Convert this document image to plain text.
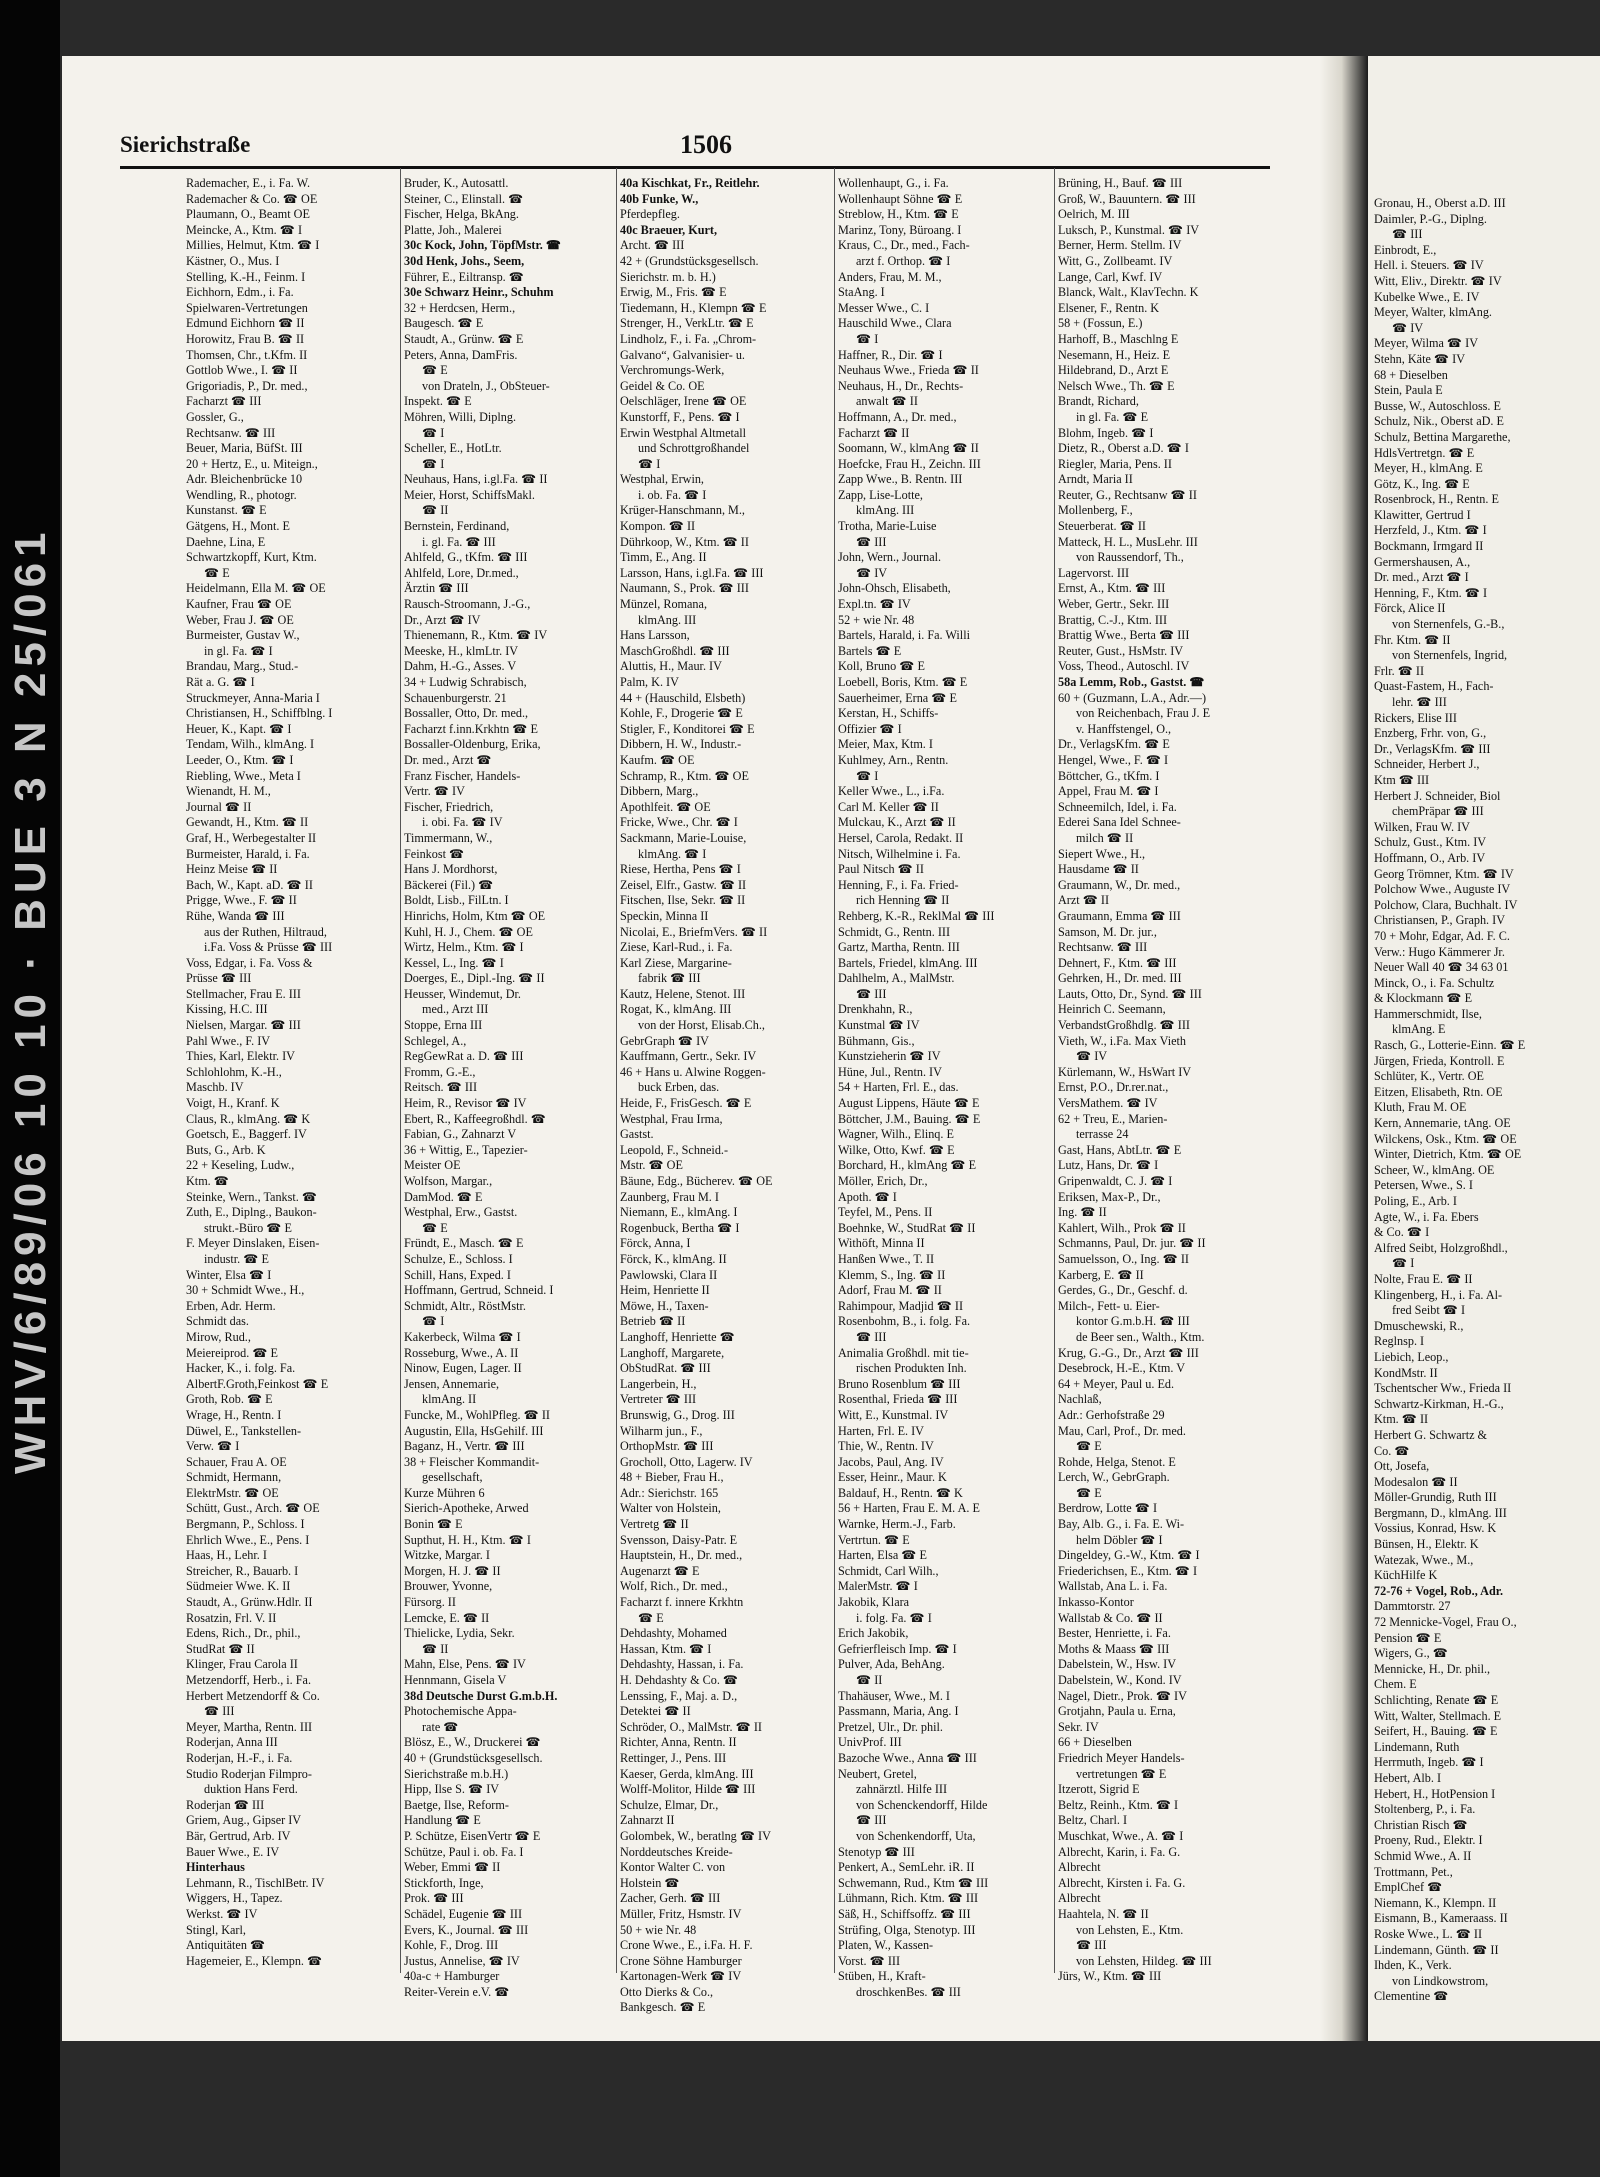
WHV/6/89/06 10 10 · BUE 3 N 25/061
Sierichstraße	1506
Rademacher, E., i. Fa. W.
Rademacher & Co. ☎ OE
Plaumann, O., Beamt OE
Meincke, A., Ktm. ☎ I
Millies, Helmut, Ktm. ☎ I
Kästner, O., Mus. I
Stelling, K.-H., Feinm. I
Eichhorn, Edm., i. Fa.
Spielwaren-Vertretungen
Edmund Eichhorn ☎ II
Horowitz, Frau B. ☎ II
Thomsen, Chr., t.Kfm. II
Gottlob Wwe., I. ☎ II
Grigoriadis, P., Dr. med.,
Facharzt ☎ III
Gossler, G.,
Rechtsanw. ☎ III
Beuer, Maria, BüfSt. III
20 + Hertz, E., u. Miteign.,
Adr. Bleichenbrücke 10
Wendling, R., photogr.
Kunstanst. ☎ E
Gätgens, H., Mont. E
Daehne, Lina, E
Schwartzkopff, Kurt, Ktm.
☎ E
Heidelmann, Ella M. ☎ OE
Kaufner, Frau ☎ OE
Weber, Frau J. ☎ OE
Burmeister, Gustav W.,
in gl. Fa. ☎ I
Brandau, Marg., Stud.-
Rät a. G. ☎ I
Struckmeyer, Anna-Maria I
Christiansen, H., Schiffblng. I
Heuer, K., Kapt. ☎ I
Tendam, Wilh., klmAng. I
Leeder, O., Ktm. ☎ I
Riebling, Wwe., Meta I
Wienandt, H. M.,
Journal ☎ II
Gewandt, H., Ktm. ☎ II
Graf, H., Werbegestalter II
Burmeister, Harald, i. Fa.
Heinz Meise ☎ II
Bach, W., Kapt. aD. ☎ II
Prigge, Wwe., F. ☎ II
Rühe, Wanda ☎ III
aus der Ruthen, Hiltraud,
i.Fa. Voss & Prüsse ☎ III
Voss, Edgar, i. Fa. Voss &
Prüsse ☎ III
Stellmacher, Frau E. III
Kissing, H.C. III
Nielsen, Margar. ☎ III
Pahl Wwe., F. IV
Thies, Karl, Elektr. IV
Schlohlohm, K.-H.,
Maschb. IV
Voigt, H., Kranf. K
Claus, R., klmAng. ☎ K
Goetsch, E., Baggerf. IV
Buts, G., Arb. K
22 + Keseling, Ludw.,
Ktm. ☎
Steinke, Wern., Tankst. ☎
Zuth, E., Diplng., Baukon-
strukt.-Büro ☎ E
F. Meyer Dinslaken, Eisen-
industr. ☎ E
Winter, Elsa ☎ I
30 + Schmidt Wwe., H.,
Erben, Adr. Herm.
Schmidt das.
Mirow, Rud.,
Meiereiprod. ☎ E
Hacker, K., i. folg. Fa.
AlbertF.Groth,Feinkost ☎ E
Groth, Rob. ☎ E
Wrage, H., Rentn. I
Düwel, E., Tankstellen-
Verw. ☎ I
Schauer, Frau A. OE
Schmidt, Hermann,
ElektrMstr. ☎ OE
Schütt, Gust., Arch. ☎ OE
Bergmann, P., Schloss. I
Ehrlich Wwe., E., Pens. I
Haas, H., Lehr. I
Streicher, R., Bauarb. I
Südmeier Wwe. K. II
Staudt, A., Grünw.Hdlr. II
Rosatzin, Frl. V. II
Edens, Rich., Dr., phil.,
StudRat ☎ II
Klinger, Frau Carola II
Metzendorff, Herb., i. Fa.
Herbert Metzendorff & Co.
☎ III
Meyer, Martha, Rentn. III
Roderjan, Anna III
Roderjan, H.-F., i. Fa.
Studio Roderjan Filmpro-
duktion Hans Ferd.
Roderjan ☎ III
Griem, Aug., Gipser IV
Bär, Gertrud, Arb. IV
Bauer Wwe., E. IV
Hinterhaus
Lehmann, R., TischlBetr. IV
Wiggers, H., Tapez.
Werkst. ☎ IV
Stingl, Karl,
Antiquitäten ☎
Hagemeier, E., Klempn. ☎
Bruder, K., Autosattl.
Steiner, C., Elinstall. ☎
Fischer, Helga, BkAng.
Platte, Joh., Malerei
30c Kock, John, TöpfMstr. ☎
30d Henk, Johs., Seem,
Führer, E., Eiltransp. ☎
30e Schwarz Heinr., Schuhm
32 + Herdcsen, Herm.,
Baugesch. ☎ E
Staudt, A., Grünw. ☎ E
Peters, Anna, DamFris.
☎ E
von Drateln, J., ObSteuer-
Inspekt. ☎ E
Möhren, Willi, Diplng.
☎ I
Scheller, E., HotLtr.
☎ I
Neuhaus, Hans, i.gl.Fa. ☎ II
Meier, Horst, SchiffsMakl.
☎ II
Bernstein, Ferdinand,
i. gl. Fa. ☎ III
Ahlfeld, G., tKfm. ☎ III
Ahlfeld, Lore, Dr.med.,
Ärztin ☎ III
Rausch-Stroomann, J.-G.,
Dr., Arzt ☎ IV
Thienemann, R., Ktm. ☎ IV
Meeske, H., klmLtr. IV
Dahm, H.-G., Asses. V
34 + Ludwig Schrabisch,
Schauenburgerstr. 21
Bossaller, Otto, Dr. med.,
Facharzt f.inn.Krkhtn ☎ E
Bossaller-Oldenburg, Erika,
Dr. med., Arzt ☎
Franz Fischer, Handels-
Vertr. ☎ IV
Fischer, Friedrich,
i. obi. Fa. ☎ IV
Timmermann, W.,
Feinkost ☎
Hans J. Mordhorst,
Bäckerei (Fil.) ☎
Boldt, Lisb., FilLtn. I
Hinrichs, Holm, Ktm ☎ OE
Kuhl, H. J., Chem. ☎ OE
Wirtz, Helm., Ktm. ☎ I
Kessel, L., Ing. ☎ I
Doerges, E., Dipl.-Ing. ☎ II
Heusser, Windemut, Dr.
med., Arzt III
Stoppe, Erna III
Schlegel, A.,
RegGewRat a. D. ☎ III
Fromm, G.-E.,
Reitsch. ☎ III
Heim, R., Revisor ☎ IV
Ebert, R., Kaffeegroßhdl. ☎
Fabian, G., Zahnarzt V
36 + Wittig, E., Tapezier-
Meister OE
Wolfson, Margar.,
DamMod. ☎ E
Westphal, Erw., Gastst.
☎ E
Fründt, E., Masch. ☎ E
Schulze, E., Schloss. I
Schill, Hans, Exped. I
Hoffmann, Gertrud, Schneid. I
Schmidt, Altr., RöstMstr.
☎ I
Kakerbeck, Wilma ☎ I
Rosseburg, Wwe., A. II
Ninow, Eugen, Lager. II
Jensen, Annemarie,
klmAng. II
Funcke, M., WohlPfleg. ☎ II
Augustin, Ella, HsGehilf. III
Baganz, H., Vertr. ☎ III
38 + Fleischer Kommandit-
gesellschaft,
Kurze Mühren 6
Sierich-Apotheke, Arwed
Bonin ☎ E
Supthut, H. H., Ktm. ☎ I
Witzke, Margar. I
Morgen, H. J. ☎ II
Brouwer, Yvonne,
Fürsorg. II
Lemcke, E. ☎ II
Thielicke, Lydia, Sekr.
☎ II
Mahn, Else, Pens. ☎ IV
Hennmann, Gisela V
38d Deutsche Durst G.m.b.H.
Photochemische Appa-
rate ☎
Blösz, E., W., Druckerei ☎
40 + (Grundstücksgesellsch.
Sierichstraße m.b.H.)
Hipp, Ilse S. ☎ IV
Baetge, Ilse, Reform-
Handlung ☎ E
P. Schütze, EisenVertr ☎ E
Schütze, Paul i. ob. Fa. I
Weber, Emmi ☎ II
Stickforth, Inge,
Prok. ☎ III
Schädel, Eugenie ☎ III
Evers, K., Journal. ☎ III
Kohle, F., Drog. III
Justus, Annelise, ☎ IV
40a-c + Hamburger
Reiter-Verein e.V. ☎
40a Kischkat, Fr., Reitlehr.
40b Funke, W.,
Pferdepfleg.
40c Braeuer, Kurt,
Archt. ☎ III
42 + (Grundstücksgesellsch.
Sierichstr. m. b. H.)
Erwig, M., Fris. ☎ E
Tiedemann, H., Klempn ☎ E
Strenger, H., VerkLtr. ☎ E
Lindholz, F., i. Fa. „Chrom-
Galvano“, Galvanisier- u.
Verchromungs-Werk,
Geidel & Co. OE
Oelschläger, Irene ☎ OE
Kunstorff, F., Pens. ☎ I
Erwin Westphal Altmetall
und Schrottgroßhandel
☎ I
Westphal, Erwin,
i. ob. Fa. ☎ I
Krüger-Hanschmann, M.,
Kompon. ☎ II
Dührkoop, W., Ktm. ☎ II
Timm, E., Ang. II
Larsson, Hans, i.gl.Fa. ☎ III
Naumann, S., Prok. ☎ III
Münzel, Romana,
klmAng. III
Hans Larsson,
MaschGroßhdl. ☎ III
Aluttis, H., Maur. IV
Palm, K. IV
44 + (Hauschild, Elsbeth)
Kohle, F., Drogerie ☎ E
Stigler, F., Konditorei ☎ E
Dibbern, H. W., Industr.-
Kaufm. ☎ OE
Schramp, R., Ktm. ☎ OE
Dibbern, Marg.,
Apothlfeit. ☎ OE
Fricke, Wwe., Chr. ☎ I
Sackmann, Marie-Louise,
klmAng. ☎ I
Riese, Hertha, Pens ☎ I
Zeisel, Elfr., Gastw. ☎ II
Fitschen, Ilse, Sekr. ☎ II
Speckin, Minna II
Nicolai, E., BriefmVers. ☎ II
Ziese, Karl-Rud., i. Fa.
Karl Ziese, Margarine-
fabrik ☎ III
Kautz, Helene, Stenot. III
Rogat, K., klmAng. III
von der Horst, Elisab.Ch.,
GebrGraph ☎ IV
Kauffmann, Gertr., Sekr. IV
46 + Hans u. Alwine Roggen-
buck Erben, das.
Heide, F., FrisGesch. ☎ E
Westphal, Frau Irma,
Gastst.
Leopold, F., Schneid.-
Mstr. ☎ OE
Bäune, Edg., Bücherev. ☎ OE
Zaunberg, Frau M. I
Niemann, E., klmAng. I
Rogenbuck, Bertha ☎ I
Förck, Anna, I
Förck, K., klmAng. II
Pawlowski, Clara II
Heim, Henriette II
Möwe, H., Taxen-
Betrieb ☎ II
Langhoff, Henriette ☎
Langhoff, Margarete,
ObStudRat. ☎ III
Langerbein, H.,
Vertreter ☎ III
Brunswig, G., Drog. III
Wilharm jun., F.,
OrthopMstr. ☎ III
Grocholl, Otto, Lagerw. IV
48 + Bieber, Frau H.,
Adr.: Sierichstr. 165
Walter von Holstein,
Vertretg ☎ II
Svensson, Daisy-Patr. E
Hauptstein, H., Dr. med.,
Augenarzt ☎ E
Wolf, Rich., Dr. med.,
Facharzt f. innere Krkhtn
☎ E
Dehdashty, Mohamed
Hassan, Ktm. ☎ I
Dehdashty, Hassan, i. Fa.
H. Dehdashty & Co. ☎
Lenssing, F., Maj. a. D.,
Detektei ☎ II
Schröder, O., MalMstr. ☎ II
Richter, Anna, Rentn. II
Rettinger, J., Pens. III
Kaeser, Gerda, klmAng. III
Wolff-Molitor, Hilde ☎ III
Schulze, Elmar, Dr.,
Zahnarzt II
Golombek, W., beratlng ☎ IV
Norddeutsches Kreide-
Kontor Walter C. von
Holstein ☎
Zacher, Gerh. ☎ III
Müller, Fritz, Hsmstr. IV
50 + wie Nr. 48
Crone Wwe., E., i.Fa. H. F.
Crone Söhne Hamburger
Kartonagen-Werk ☎ IV
Otto Dierks & Co.,
Bankgesch. ☎ E
Wollenhaupt, G., i. Fa.
Wollenhaupt Söhne ☎ E
Streblow, H., Ktm. ☎ E
Marinz, Tony, Büroang. I
Kraus, C., Dr., med., Fach-
arzt f. Orthop. ☎ I
Anders, Frau, M. M.,
StaAng. I
Messer Wwe., C. I
Hauschild Wwe., Clara
☎ I
Haffner, R., Dir. ☎ I
Neuhaus Wwe., Frieda ☎ II
Neuhaus, H., Dr., Rechts-
anwalt ☎ II
Hoffmann, A., Dr. med.,
Facharzt ☎ II
Soomann, W., klmAng ☎ II
Hoefcke, Frau H., Zeichn. III
Zapp Wwe., B. Rentn. III
Zapp, Lise-Lotte,
klmAng. III
Trotha, Marie-Luise
☎ III
John, Wern., Journal.
☎ IV
John-Ohsch, Elisabeth,
Expl.tn. ☎ IV
52 + wie Nr. 48
Bartels, Harald, i. Fa. Willi
Bartels ☎ E
Koll, Bruno ☎ E
Loebell, Boris, Ktm. ☎ E
Sauerheimer, Erna ☎ E
Kerstan, H., Schiffs-
Offizier ☎ I
Meier, Max, Ktm. I
Kuhlmey, Arn., Rentn.
☎ I
Keller Wwe., L., i.Fa.
Carl M. Keller ☎ II
Mulckau, K., Arzt ☎ II
Hersel, Carola, Redakt. II
Nitsch, Wilhelmine i. Fa.
Paul Nitsch ☎ II
Henning, F., i. Fa. Fried-
rich Henning ☎ II
Rehberg, K.-R., ReklMal ☎ III
Schmidt, G., Rentn. III
Gartz, Martha, Rentn. III
Bartels, Friedel, klmAng. III
Dahlhelm, A., MalMstr.
☎ III
Drenkhahn, R.,
Kunstmal ☎ IV
Bühmann, Gis.,
Kunstzieherin ☎ IV
Hüne, Jul., Rentn. IV
54 + Harten, Frl. E., das.
August Lippens, Häute ☎ E
Böttcher, J.M., Bauing. ☎ E
Wagner, Wilh., Elinq. E
Wilke, Otto, Kwf. ☎ E
Borchard, H., klmAng ☎ E
Möller, Erich, Dr.,
Apoth. ☎ I
Teyfel, M., Pens. II
Boehnke, W., StudRat ☎ II
Withöft, Minna II
Hanßen Wwe., T. II
Klemm, S., Ing. ☎ II
Adorf, Frau M. ☎ II
Rahimpour, Madjid ☎ II
Rosenbohm, B., i. folg. Fa.
☎ III
Animalia Großhdl. mit tie-
rischen Produkten Inh.
Bruno Rosenblum ☎ III
Rosenthal, Frieda ☎ III
Witt, E., Kunstmal. IV
Harten, Frl. E. IV
Thie, W., Rentn. IV
Jacobs, Paul, Ang. IV
Esser, Heinr., Maur. K
Baldauf, H., Rentn. ☎ K
56 + Harten, Frau E. M. A. E
Warnke, Herm.-J., Farb.
Vertrtun. ☎ E
Harten, Elsa ☎ E
Schmidt, Carl Wilh.,
MalerMstr. ☎ I
Jakobik, Klara
i. folg. Fa. ☎ I
Erich Jakobik,
Gefrierfleisch Imp. ☎ I
Pulver, Ada, BehAng.
☎ II
Thahäuser, Wwe., M. I
Passmann, Maria, Ang. I
Pretzel, Ulr., Dr. phil.
UnivProf. III
Bazoche Wwe., Anna ☎ III
Neubert, Gretel,
zahnärztl. Hilfe III
von Schenckendorff, Hilde
☎ III
von Schenkendorff, Uta,
Stenotyp ☎ III
Penkert, A., SemLehr. iR. II
Schwemann, Rud., Ktm ☎ III
Lühmann, Rich. Ktm. ☎ III
Säß, H., Schiffsoffz. ☎ III
Strüfing, Olga, Stenotyp. III
Platen, W., Kassen-
Vorst. ☎ III
Stüben, H., Kraft-
droschkenBes. ☎ III
Brüning, H., Bauf. ☎ III
Groß, W., Bauuntern. ☎ III
Oelrich, M. III
Luksch, P., Kunstmal. ☎ IV
Berner, Herm. Stellm. IV
Witt, G., Zollbeamt. IV
Lange, Carl, Kwf. IV
Blanck, Walt., KlavTechn. K
Elsener, F., Rentn. K
58 + (Fossun, E.)
Harhoff, B., Maschlng E
Nesemann, H., Heiz. E
Hildebrand, D., Arzt E
Nelsch Wwe., Th. ☎ E
Brandt, Richard,
in gl. Fa. ☎ E
Blohm, Ingeb. ☎ I
Dietz, R., Oberst a.D. ☎ I
Riegler, Maria, Pens. II
Arndt, Maria II
Reuter, G., Rechtsanw ☎ II
Mollenberg, F.,
Steuerberat. ☎ II
Matteck, H. L., MusLehr. III
von Raussendorf, Th.,
Lagervorst. III
Ernst, A., Ktm. ☎ III
Weber, Gertr., Sekr. III
Brattig, C.-J., Ktm. III
Brattig Wwe., Berta ☎ III
Reuter, Gust., HsMstr. IV
Voss, Theod., Autoschl. IV
58a Lemm, Rob., Gastst. ☎
60 + (Guzmann, L.A., Adr.—)
von Reichenbach, Frau J. E
v. Hanffstengel, O.,
Dr., VerlagsKfm. ☎ E
Hengel, Wwe., F. ☎ I
Böttcher, G., tKfm. I
Appel, Frau M. ☎ I
Schneemilch, Idel, i. Fa.
Ederei Sana Idel Schnee-
milch ☎ II
Siepert Wwe., H.,
Hausdame ☎ II
Graumann, W., Dr. med.,
Arzt ☎ II
Graumann, Emma ☎ III
Samson, M. Dr. jur.,
Rechtsanw. ☎ III
Dehnert, F., Ktm. ☎ III
Gehrken, H., Dr. med. III
Lauts, Otto, Dr., Synd. ☎ III
Heinrich C. Seemann,
VerbandstGroßhdlg. ☎ III
Vieth, W., i.Fa. Max Vieth
☎ IV
Kürlemann, W., HsWart IV
Ernst, P.O., Dr.rer.nat.,
VersMathem. ☎ IV
62 + Treu, E., Marien-
terrasse 24
Gast, Hans, AbtLtr. ☎ E
Lutz, Hans, Dr. ☎ I
Gripenwaldt, C. J. ☎ I
Eriksen, Max-P., Dr.,
Ing. ☎ II
Kahlert, Wilh., Prok ☎ II
Schmanns, Paul, Dr. jur. ☎ II
Samuelsson, O., Ing. ☎ II
Karberg, E. ☎ II
Gerdes, G., Dr., Geschf. d.
Milch-, Fett- u. Eier-
kontor G.m.b.H. ☎ III
de Beer sen., Walth., Ktm.
Krug, G.-G., Dr., Arzt ☎ III
Desebrock, H.-E., Ktm. V
64 + Meyer, Paul u. Ed.
Nachlaß,
Adr.: Gerhofstraße 29
Mau, Carl, Prof., Dr. med.
☎ E
Rohde, Helga, Stenot. E
Lerch, W., GebrGraph.
☎ E
Berdrow, Lotte ☎ I
Bay, Alb. G., i. Fa. E. Wi-
helm Döbler ☎ I
Dingeldey, G.-W., Ktm. ☎ I
Friederichsen, E., Ktm. ☎ I
Wallstab, Ana L. i. Fa.
Inkasso-Kontor
Wallstab & Co. ☎ II
Bester, Henriette, i. Fa.
Moths & Maass ☎ III
Dabelstein, W., Hsw. IV
Dabelstein, W., Kond. IV
Nagel, Dietr., Prok. ☎ IV
Grotjahn, Paula u. Erna,
Sekr. IV
66 + Dieselben
Friedrich Meyer Handels-
vertretungen ☎ E
Itzerott, Sigrid E
Beltz, Reinh., Ktm. ☎ I
Beltz, Charl. I
Muschkat, Wwe., A. ☎ I
Albrecht, Karin, i. Fa. G.
Albrecht
Albrecht, Kirsten i. Fa. G.
Albrecht
Haahtela, N. ☎ II
von Lehsten, E., Ktm.
☎ III
von Lehsten, Hildeg. ☎ III
Jürs, W., Ktm. ☎ III
Gronau, H., Oberst a.D. III
Daimler, P.-G., Diplng.
☎ III
Einbrodt, E.,
Hell. i. Steuers. ☎ IV
Witt, Eliv., Direktr. ☎ IV
Kubelke Wwe., E. IV
Meyer, Walter, klmAng.
☎ IV
Meyer, Wilma ☎ IV
Stehn, Käte ☎ IV
68 + Dieselben
Stein, Paula E
Busse, W., Autoschloss. E
Schulz, Nik., Oberst aD. E
Schulz, Bettina Margarethe,
HdlsVertretgn. ☎ E
Meyer, H., klmAng. E
Götz, K., Ing. ☎ E
Rosenbrock, H., Rentn. E
Klawitter, Gertrud I
Herzfeld, J., Ktm. ☎ I
Bockmann, Irmgard II
Germershausen, A.,
Dr. med., Arzt ☎ I
Henning, F., Ktm. ☎ I
Förck, Alice II
von Sternenfels, G.-B.,
Fhr. Ktm. ☎ II
von Sternenfels, Ingrid,
Frlr. ☎ II
Quast-Fastem, H., Fach-
lehr. ☎ III
Rickers, Elise III
Enzberg, Frhr. von, G.,
Dr., VerlagsKfm. ☎ III
Schneider, Herbert J.,
Ktm ☎ III
Herbert J. Schneider, Biol
chemPräpar ☎ III
Wilken, Frau W. IV
Schulz, Gust., Ktm. IV
Hoffmann, O., Arb. IV
Georg Trömner, Ktm. ☎ IV
Polchow Wwe., Auguste IV
Polchow, Clara, Buchhalt. IV
Christiansen, P., Graph. IV
70 + Mohr, Edgar, Ad. F. C.
Verw.: Hugo Kämmerer Jr.
Neuer Wall 40 ☎ 34 63 01
Minck, O., i. Fa. Schultz
& Klockmann ☎ E
Hammerschmidt, Ilse,
klmAng. E
Rasch, G., Lotterie-Einn. ☎ E
Jürgen, Frieda, Kontroll. E
Schlüter, K., Vertr. OE
Eitzen, Elisabeth, Rtn. OE
Kluth, Frau M. OE
Kern, Annemarie, tAng. OE
Wilckens, Osk., Ktm. ☎ OE
Winter, Dietrich, Ktm. ☎ OE
Scheer, W., klmAng. OE
Petersen, Wwe., S. I
Poling, E., Arb. I
Agte, W., i. Fa. Ebers
& Co. ☎ I
Alfred Seibt, Holzgroßhdl.,
☎ I
Nolte, Frau E. ☎ II
Klingenberg, H., i. Fa. Al-
fred Seibt ☎ I
Dmuschewski, R.,
Reglnsp. I
Liebich, Leop.,
KondMstr. II
Tschentscher Ww., Frieda II
Schwartz-Kirkman, H.-G.,
Ktm. ☎ II
Herbert G. Schwartz &
Co. ☎
Ott, Josefa,
Modesalon ☎ II
Möller-Grundig, Ruth III
Bergmann, D., klmAng. III
Vossius, Konrad, Hsw. K
Bünsen, H., Elektr. K
Watezak, Wwe., M.,
KüchHilfe K
72-76 + Vogel, Rob., Adr.
Dammtorstr. 27
72 Mennicke-Vogel, Frau O.,
Pension ☎ E
Wigers, G., ☎
Mennicke, H., Dr. phil.,
Chem. E
Schlichting, Renate ☎ E
Witt, Walter, Stellmach. E
Seifert, H., Bauing. ☎ E
Lindemann, Ruth
Herrmuth, Ingeb. ☎ I
Hebert, Alb. I
Hebert, H., HotPension I
Stoltenberg, P., i. Fa.
Christian Risch ☎
Proeny, Rud., Elektr. I
Schmid Wwe., A. II
Trottmann, Pet.,
EmplChef ☎
Niemann, K., Klempn. II
Eismann, B., Kameraass. II
Roske Wwe., L. ☎ II
Lindemann, Günth. ☎ II
Ihden, K., Verk.
von Lindkowstrom,
Clementine ☎
